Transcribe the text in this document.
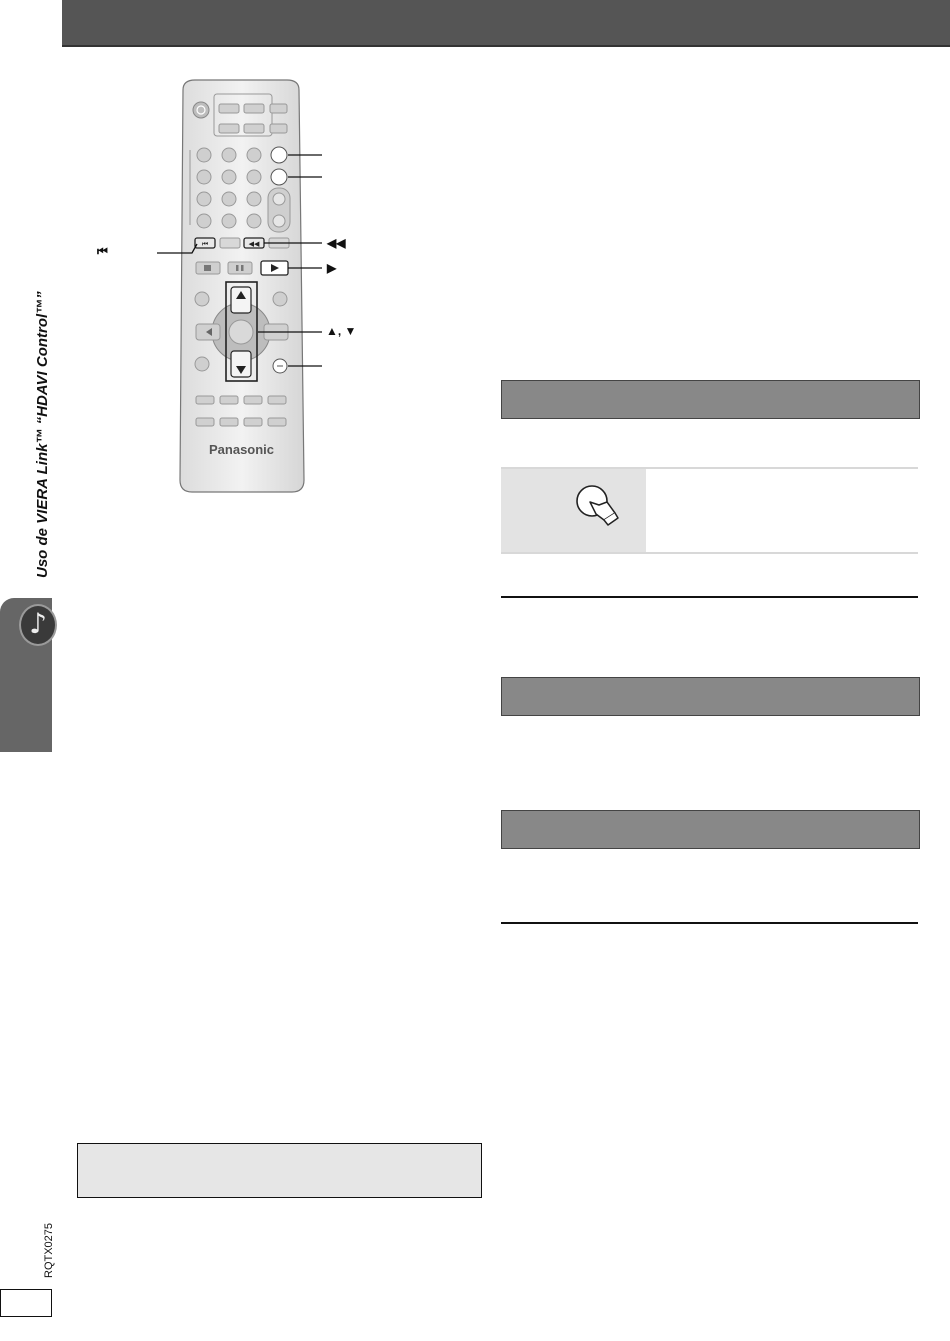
Uso de VIERA Link™ “HDAVI Control™”
♪
RQTX0275
⏮	◀◀
Panasonic
⏮
◀◀
▶
▲, ▼
